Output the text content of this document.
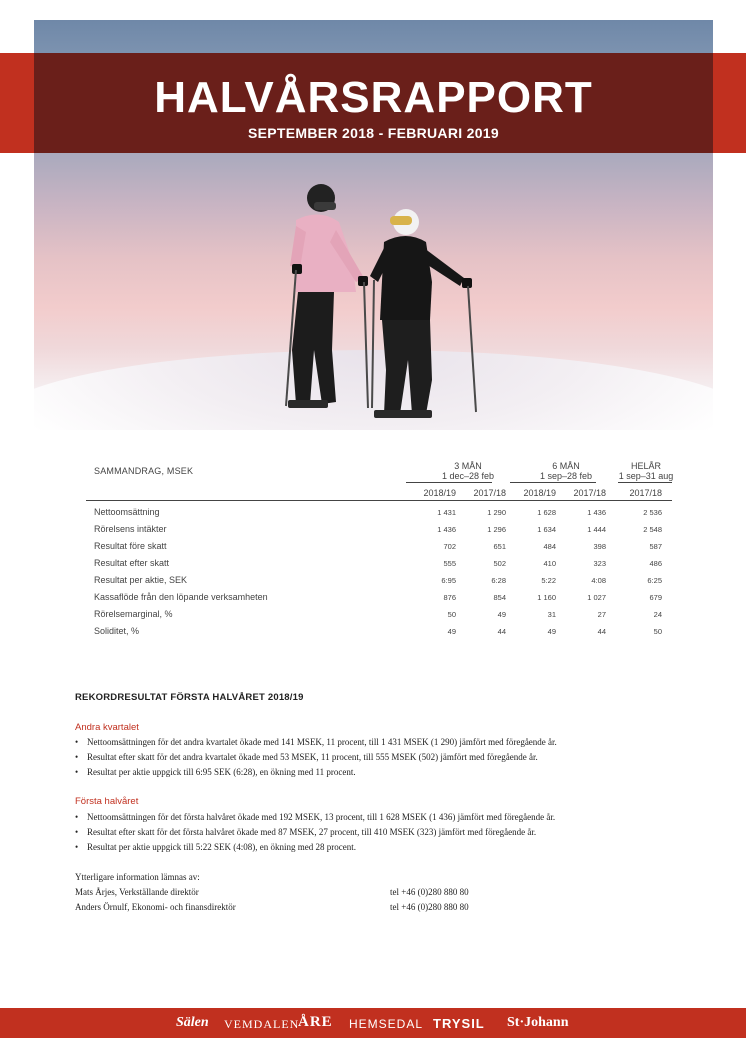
HALVÅRSRAPPORT
SEPTEMBER 2018 - FEBRUARI 2019
SAMMANDRAG, MSEK	3 MÅN
1 dec–28 feb
6 MÅN
1 sep–28 feb
HELÅR
1 sep–31 aug
2018/19	2017/18	2018/19	2017/18	2017/18
Nettoomsättning	1 431	1 290	1 628	1 436	2 536
Rörelsens intäkter	1 436	1 296	1 634	1 444	2 548
Resultat före skatt	702	651	484	398	587
Resultat efter skatt	555	502	410	323	486
Resultat per aktie, SEK	6:95	6:28	5:22	4:08	6:25
Kassaflöde från den löpande verksamheten	876	854	1 160	1 027	679
Rörelsemarginal, %	50	49	31	27	24
Soliditet, %	49	44	49	44	50
REKORDRESULTAT FÖRSTA HALVÅRET 2018/19
Andra kvartalet
• Nettoomsättningen för det andra kvartalet ökade med 141 MSEK, 11 procent, till 1 431 MSEK (1 290) jämfört med föregående år.
• Resultat efter skatt för det andra kvartalet ökade med 53 MSEK, 11 procent, till 555 MSEK (502) jämfört med föregående år.
• Resultat per aktie uppgick till 6:95 SEK (6:28), en ökning med 11 procent.
Första halvåret
• Nettoomsättningen för det första halvåret ökade med 192 MSEK, 13 procent, till 1 628 MSEK (1 436) jämfört med föregående år.
• Resultat efter skatt för det första halvåret ökade med 87 MSEK, 27 procent, till 410 MSEK (323) jämfört med föregående år.
• Resultat per aktie uppgick till 5:22 SEK (4:08), en ökning med 28 procent.
Ytterligare information lämnas av:
Mats Årjes, Verkställande direktör	tel +46 (0)280 880 80
Anders Örnulf, Ekonomi- och finansdirektör	tel +46 (0)280 880 80
Sälen VEMDALEN
ÅRE HEMSEDAL TRYSIL St·Johann
